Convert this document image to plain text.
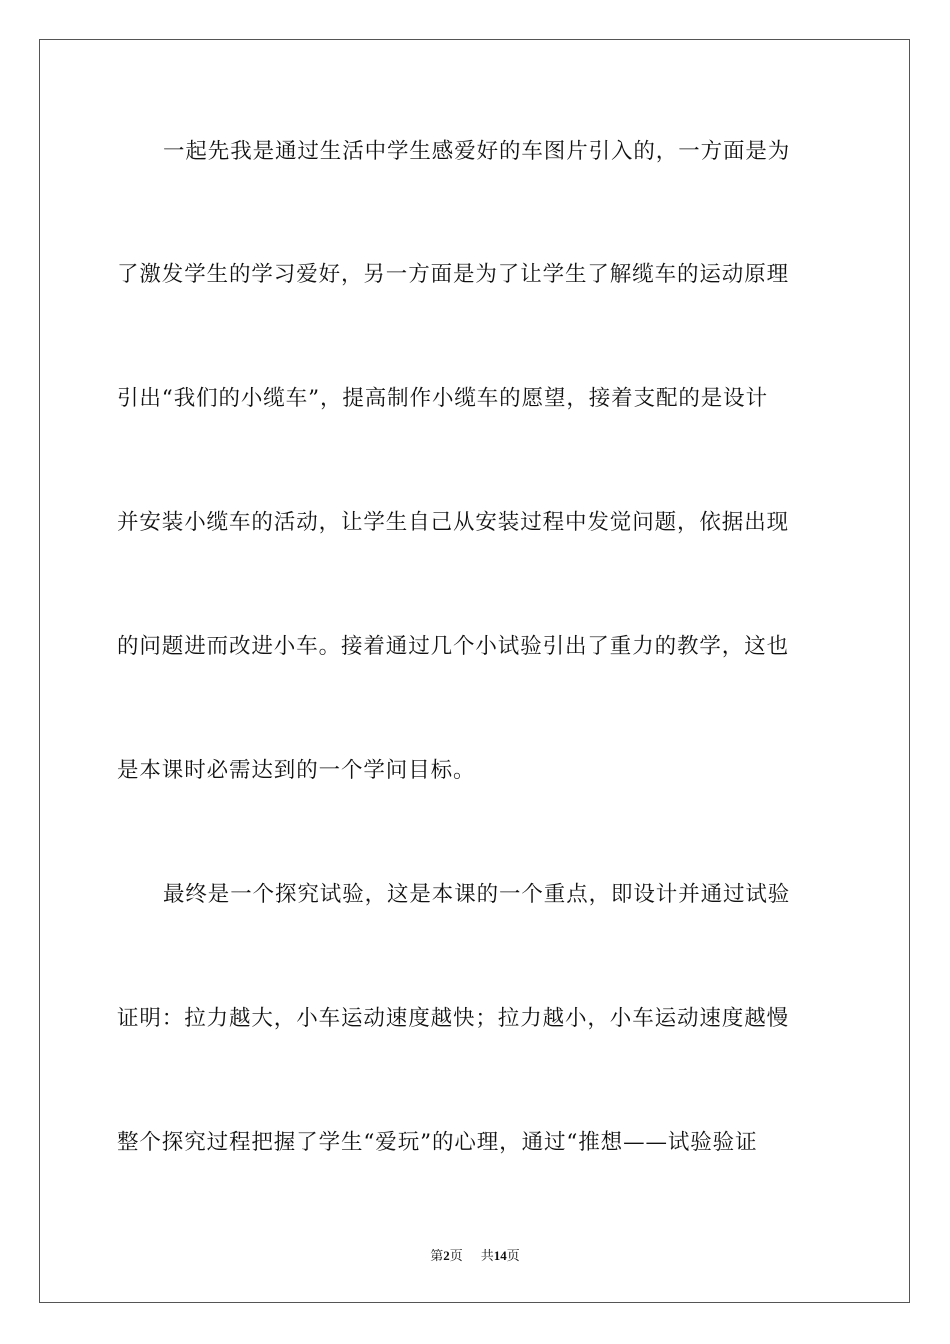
一起先我是通过生活中学生感爱好的车图片引入的，一方面是为
了激发学生的学习爱好，另一方面是为了让学生了解缆车的运动原理
引出“我们的小缆车”，提高制作小缆车的愿望，接着支配的是设计
并安装小缆车的活动，让学生自己从安装过程中发觉问题，依据出现
的问题进而改进小车。接着通过几个小试验引出了重力的教学，这也
是本课时必需达到的一个学问目标。
最终是一个探究试验，这是本课的一个重点，即设计并通过试验
证明：拉力越大，小车运动速度越快；拉力越小，小车运动速度越慢
整个探究过程把握了学生“爱玩”的心理，通过“推想——试验验证
第2页 共14页
